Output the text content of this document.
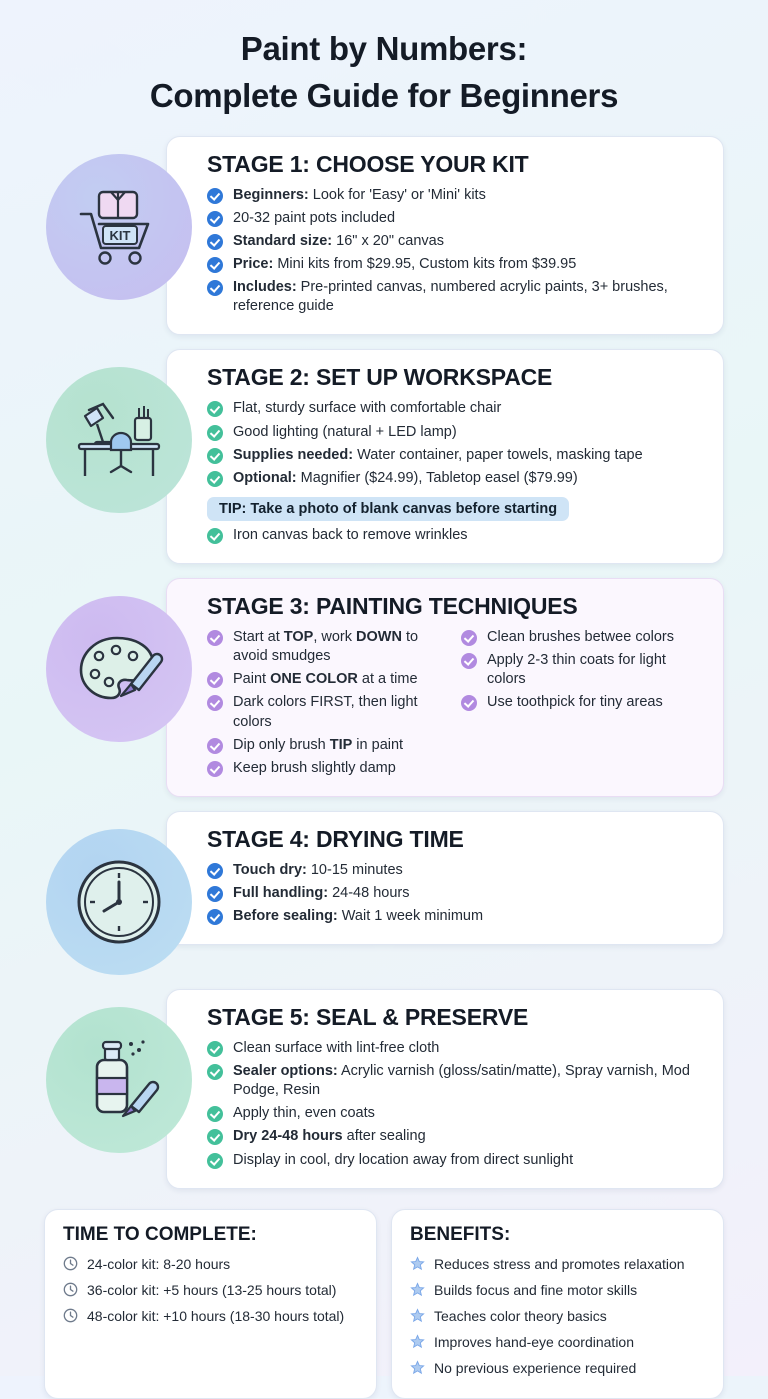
Paint by Numbers:
Complete Guide for Beginners
KIT
STAGE 1: CHOOSE YOUR KIT
Beginners: Look for 'Easy' or 'Mini' kits
20-32 paint pots included
Standard size: 16" x 20" canvas
Price: Mini kits from $29.95, Custom kits from $39.95
Includes: Pre-printed canvas, numbered acrylic paints, 3+ brushes, reference guide
STAGE 2: SET UP WORKSPACE
Flat, sturdy surface with comfortable chair
Good lighting (natural + LED lamp)
Supplies needed: Water container, paper towels, masking tape
Optional: Magnifier ($24.99), Tabletop easel ($79.99)
TIP: Take a photo of blank canvas before starting
Iron canvas back to remove wrinkles
STAGE 3: PAINTING TECHNIQUES
Start at TOP, work DOWN to avoid smudges
Paint ONE COLOR at a time
Dark colors FIRST, then light colors
Dip only brush TIP in paint
Keep brush slightly damp
Clean brushes betwee colors
Apply 2-3 thin coats for light colors
Use toothpick for tiny areas
STAGE 4: DRYING TIME
Touch dry: 10-15 minutes
Full handling: 24-48 hours
Before sealing: Wait 1 week minimum
STAGE 5: SEAL & PRESERVE
Clean surface with lint-free cloth
Sealer options: Acrylic varnish (gloss/satin/matte), Spray varnish, Mod Podge, Resin
Apply thin, even coats
Dry 24-48 hours after sealing
Display in cool, dry location away from direct sunlight
TIME TO COMPLETE:
24-color kit: 8-20 hours
36-color kit: +5 hours (13-25 hours total)
48-color kit: +10 hours (18-30 hours total)
BENEFITS:
Reduces stress and promotes relaxation
Builds focus and fine motor skills
Teaches color theory basics
Improves hand-eye coordination
No previous experience required
